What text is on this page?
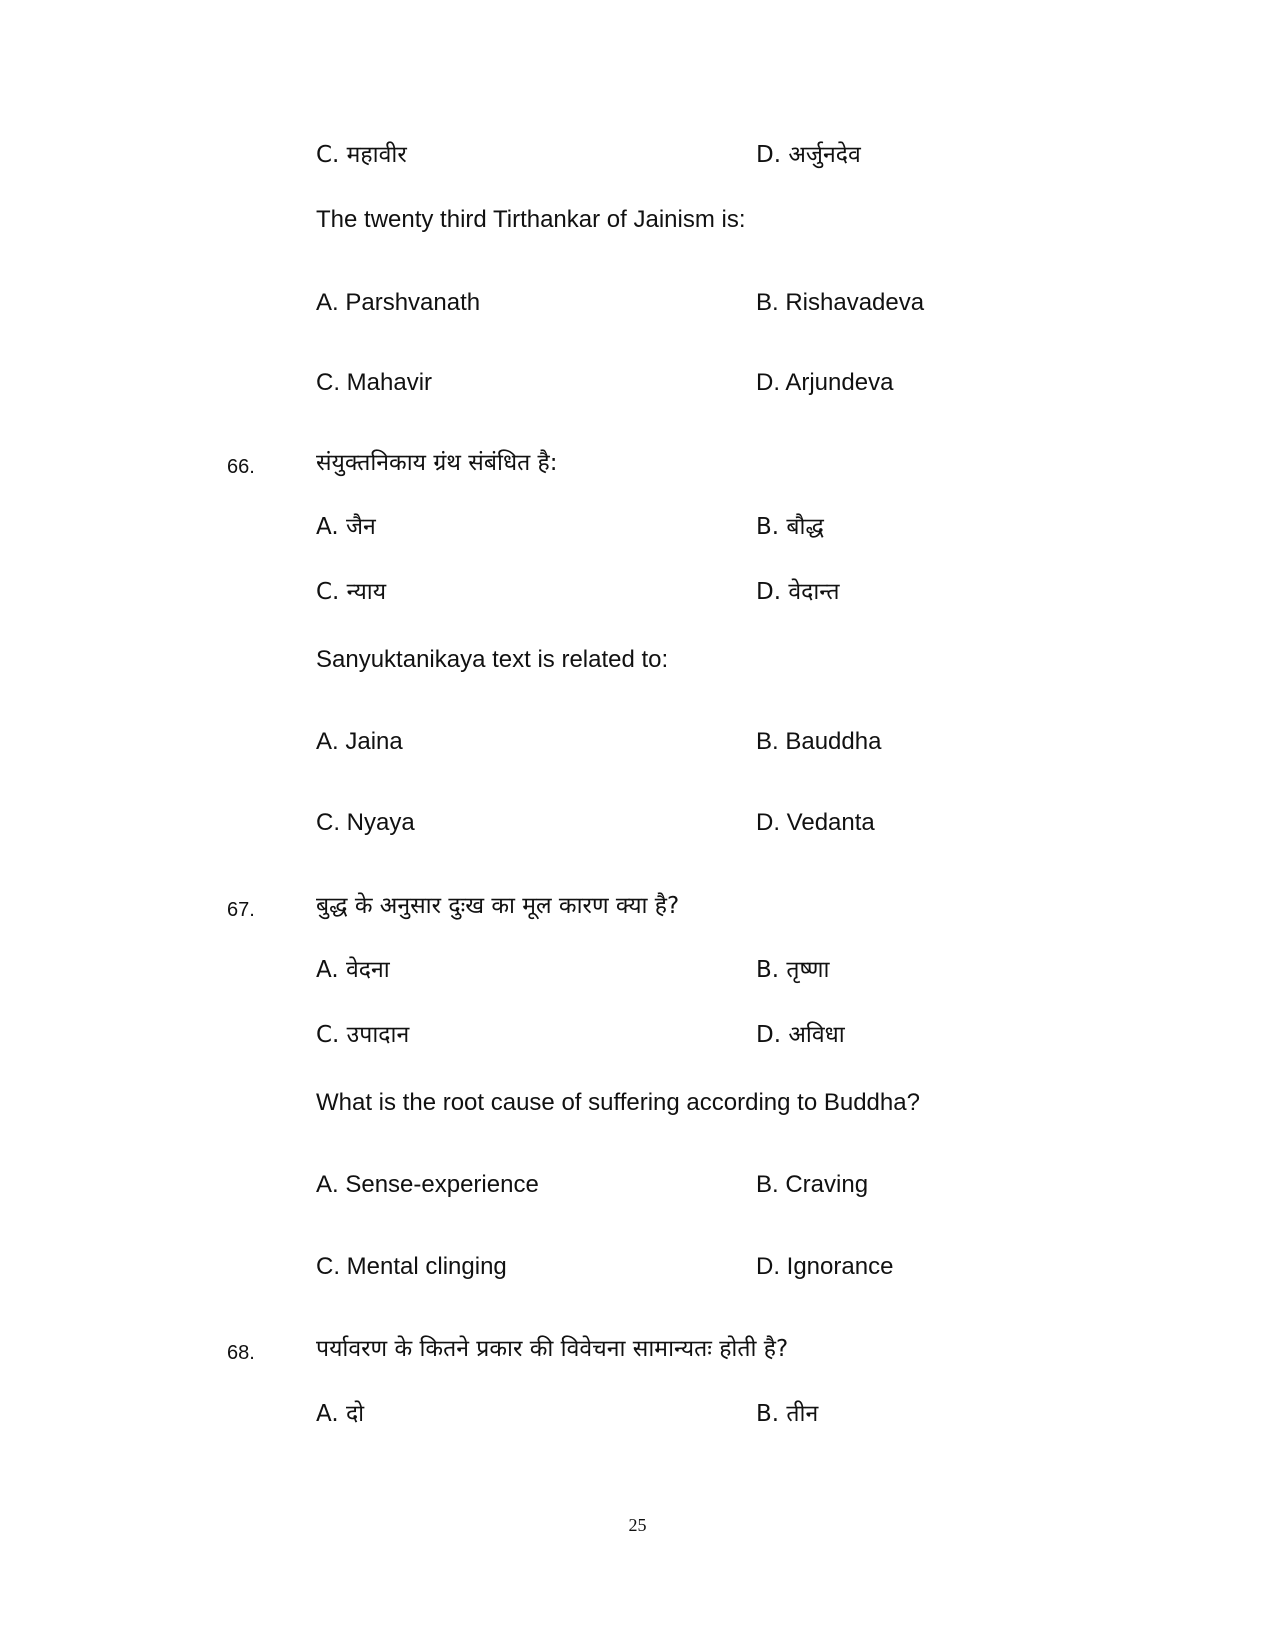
C. महावीर	D. अर्जुनदेव
The twenty third Tirthankar of Jainism is:
A. Parshvanath	B. Rishavadeva
C. Mahavir	D. Arjundeva
66.	संयुक्तनिकाय ग्रंथ संबंधित है:
A. जैन	B. बौद्ध
C. न्याय	D. वेदान्त
Sanyuktanikaya text is related to:
A. Jaina	B. Bauddha
C. Nyaya	D. Vedanta
67.	बुद्ध के अनुसार दुःख का मूल कारण क्या है?
A. वेदना	B. तृष्णा
C. उपादान	D. अविधा
What is the root cause of suffering according to Buddha?
A. Sense-experience	B. Craving
C. Mental clinging	D. Ignorance
68.	पर्यावरण के कितने प्रकार की विवेचना सामान्यतः होती है?
A. दो	B. तीन
25
